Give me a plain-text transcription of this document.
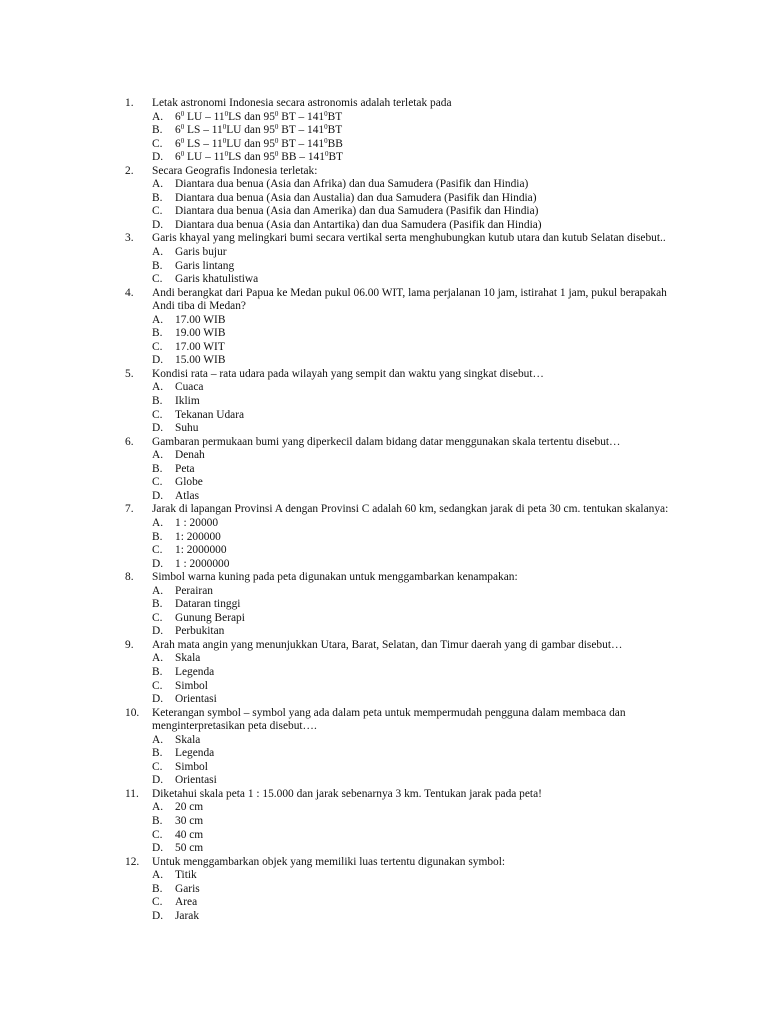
1. Letak astronomi Indonesia secara astronomis adalah terletak pada
A. $6^0$ LU – $11^0LS$ dan $95^0$ BT – $141^0BT$
B. $6^0$ LS – $11^0LU$ dan $95^0$ BT – $141^0BT$
C. $6^0$ LS – $11^0LU$ dan $95^0$ BT – $141^0BB$
D. $6^0$ LU – $11^0LS$ dan $95^0$ BB – $141^0BT$
2. Secara Geografis Indonesia terletak:
A. Diantara dua benua (Asia dan Afrika) dan dua Samudera (Pasifik dan Hindia)
B. Diantara dua benua (Asia dan Austalia) dan dua Samudera (Pasifik dan Hindia)
C. Diantara dua benua (Asia dan Amerika) dan dua Samudera (Pasifik dan Hindia)
D. Diantara dua benua (Asia dan Antartika) dan dua Samudera (Pasifik dan Hindia)
3. Garis khayal yang melingkari bumi secara vertikal serta menghubungkan kutub utara dan kutub Selatan disebut..
A. Garis bujur
B. Garis lintang
C. Garis khatulistiwa
4. Andi berangkat dari Papua ke Medan pukul 06.00 WIT, lama perjalanan 10 jam, istirahat 1 jam, pukul berapakah Andi tiba di Medan?
A. 17.00 WIB
B. 19.00 WIB
C. 17.00 WIT
D. 15.00 WIB
5. Kondisi rata – rata udara pada wilayah yang sempit dan waktu yang singkat disebut…
A. Cuaca
B. Iklim
C. Tekanan Udara
D. Suhu
6. Gambaran permukaan bumi yang diperkecil dalam bidang datar menggunakan skala tertentu disebut…
A. Denah
B. Peta
C. Globe
D. Atlas
7. Jarak di lapangan Provinsi A dengan Provinsi C adalah 60 km, sedangkan jarak di peta 30 cm. tentukan skalanya:
A. 1 : 20000
B. 1: 200000
C. 1: 2000000
D. 1 : 2000000
8. Simbol warna kuning pada peta digunakan untuk menggambarkan kenampakan:
A. Perairan
B. Dataran tinggi
C. Gunung Berapi
D. Perbukitan
9. Arah mata angin yang menunjukkan Utara, Barat, Selatan, dan Timur daerah yang di gambar disebut…
A. Skala
B. Legenda
C. Simbol
D. Orientasi
10. Keterangan symbol – symbol yang ada dalam peta untuk mempermudah pengguna dalam membaca dan menginterpretasikan peta disebut….
A. Skala
B. Legenda
C. Simbol
D. Orientasi
11. Diketahui skala peta 1 : 15.000 dan jarak sebenarnya 3 km. Tentukan jarak pada peta!
A. 20 cm
B. 30 cm
C. 40 cm
D. 50 cm
12. Untuk menggambarkan objek yang memiliki luas tertentu digunakan symbol:
A. Titik
B. Garis
C. Area
D. Jarak
